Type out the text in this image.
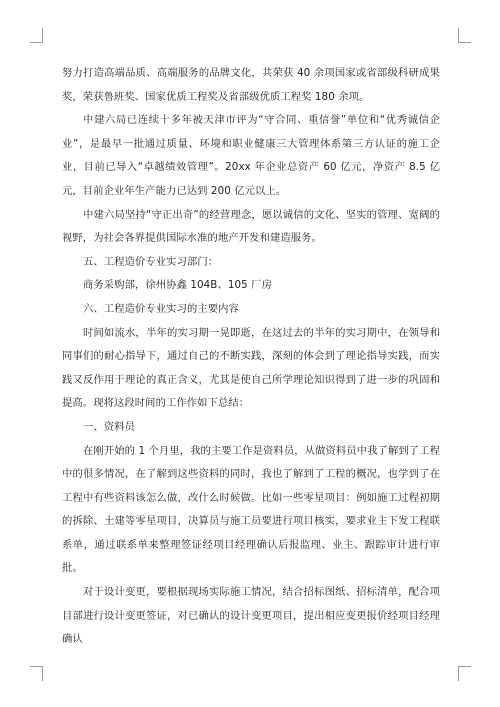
努力打造高端品质、高端服务的品牌文化，共荣获 40 余项国家或省部级科研成果奖，荣获鲁班奖、国家优质工程奖及省部级优质工程奖 180 余项。

中建六局已连续十多年被天津市评为“守合同、重信誉”单位和“优秀诚信企业”，是最早一批通过质量、环境和职业健康三大管理体系第三方认证的施工企业，目前已导入“卓越绩效管理”。20xx 年企业总资产 60 亿元，净资产 8.5 亿元，目前企业年生产能力已达到 200 亿元以上。

中建六局坚持“守正出奇”的经营理念，愿以诚信的文化、坚实的管理、宽阔的视野，为社会各界提供国际水准的地产开发和建造服务。

五、工程造价专业实习部门：

商务采购部，徐州协鑫 104B、105 厂房

六、工程造价专业实习的主要内容

时间如流水，半年的实习期一晃即逝，在这过去的半年的实习期中，在领导和同事们的耐心指导下，通过自己的不断实践，深刻的体会到了理论指导实践，而实践又反作用于理论的真正含义，尤其是使自己所学理论知识得到了进一步的巩固和提高。现将这段时间的工作作如下总结：

一、资料员

在刚开始的 1 个月里，我的主要工作是资料员，从做资料员中我了解到了工程中的很多情况，在了解到这些资料的同时，我也了解到了工程的概况，也学到了在工程中有些资料该怎么做，改什么时候做。比如一些零星项目：例如施工过程初期的拆除、土建等零星项目，决算员与施工员要进行项目核实，要求业主下发工程联系单，通过联系单来整理签证经项目经理确认后报监理、业主、跟踪审计进行审批。

对于设计变更，要根据现场实际施工情况，结合招标图纸、招标清单，配合项目部进行设计变更签证，对已确认的设计变更项目，提出相应变更报价经项目经理确认
